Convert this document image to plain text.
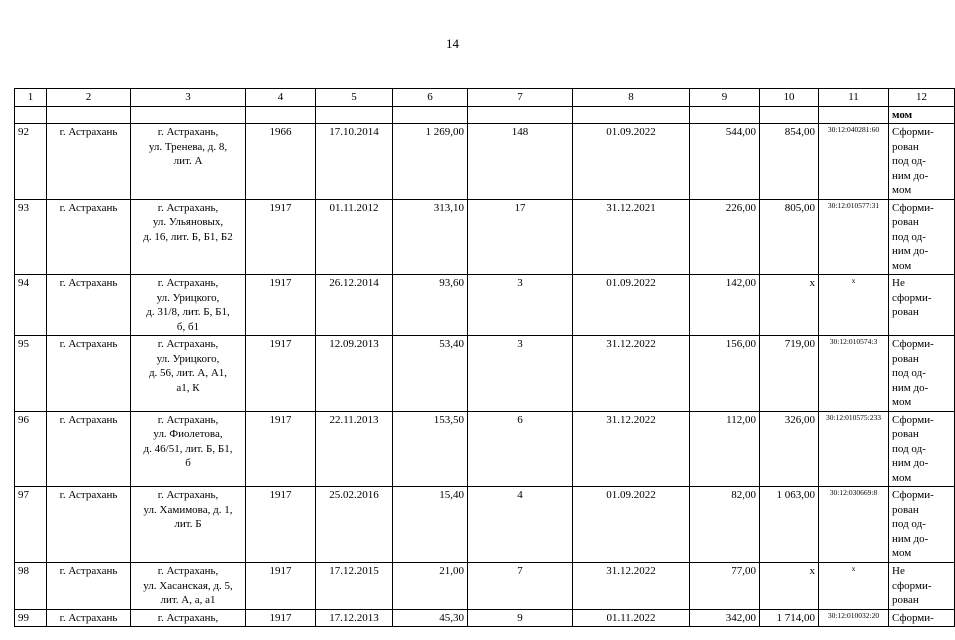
14
1	2	3	4	5	6	7	8	9	10	11	12
											мом
92	г. Астрахань	г. Астрахань,
ул. Тренева, д. 8,
лит. А	1966	17.10.2014	1 269,00	148	01.09.2022	544,00	854,00	30:12:040281:60	Сформи-
рован
под од-
ним до-
мом
93	г. Астрахань	г. Астрахань,
ул. Ульяновых,
д. 16, лит. Б, Б1, Б2	1917	01.11.2012	313,10	17	31.12.2021	226,00	805,00	30:12:010577:31	Сформи-
рован
под од-
ним до-
мом
94	г. Астрахань	г. Астрахань,
ул. Урицкого,
д. 31/8, лит. Б, Б1,
б, б1	1917	26.12.2014	93,60	3	01.09.2022	142,00	х	х	Не
сформи-
рован
95	г. Астрахань	г. Астрахань,
ул. Урицкого,
д. 56, лит. А, А1,
а1, К	1917	12.09.2013	53,40	3	31.12.2022	156,00	719,00	30:12:010574:3	Сформи-
рован
под од-
ним до-
мом
96	г. Астрахань	г. Астрахань,
ул. Фиолетова,
д. 46/51, лит. Б, Б1,
б	1917	22.11.2013	153,50	6	31.12.2022	112,00	326,00	30:12:010575:233	Сформи-
рован
под од-
ним до-
мом
97	г. Астрахань	г. Астрахань,
ул. Хамимова, д. 1,
лит. Б	1917	25.02.2016	15,40	4	01.09.2022	82,00	1 063,00	30:12:030669:8	Сформи-
рован
под од-
ним до-
мом
98	г. Астрахань	г. Астрахань,
ул. Хасанская, д. 5,
лит. А, а, а1	1917	17.12.2015	21,00	7	31.12.2022	77,00	х	х	Не
сформи-
рован
99	г. Астрахань	г. Астрахань,	1917	17.12.2013	45,30	9	01.11.2022	342,00	1 714,00	30:12:010032:20	Сформи-
